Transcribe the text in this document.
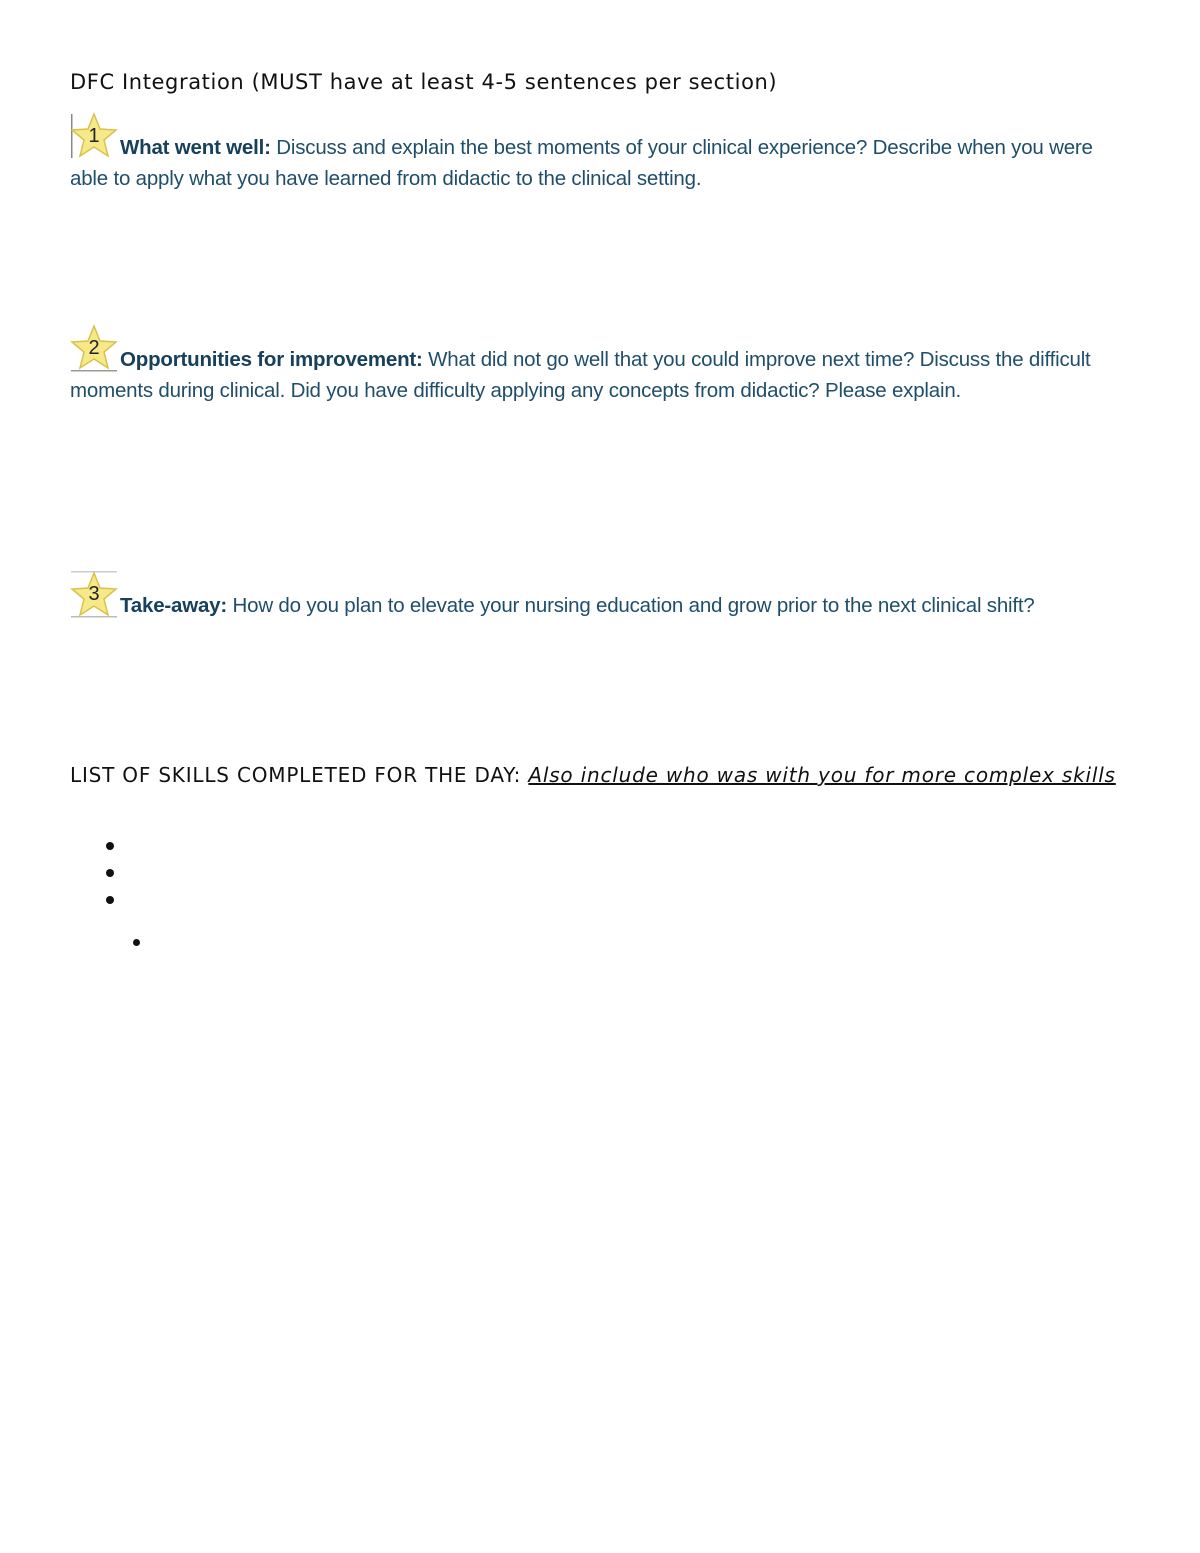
DFC Integration (MUST have at least 4-5 sentences per section)

1	What went well: Discuss and explain the best moments of your clinical experience? Describe when you were able to apply what you have learned from didactic to the clinical setting.

2	Opportunities for improvement: What did not go well that you could improve next time? Discuss the difficult moments during clinical. Did you have difficulty applying any concepts from didactic? Please explain.

3	Take-away: How do you plan to elevate your nursing education and grow prior to the next clinical shift?

LIST OF SKILLS COMPLETED FOR THE DAY: Also include who was with you for more complex skills
